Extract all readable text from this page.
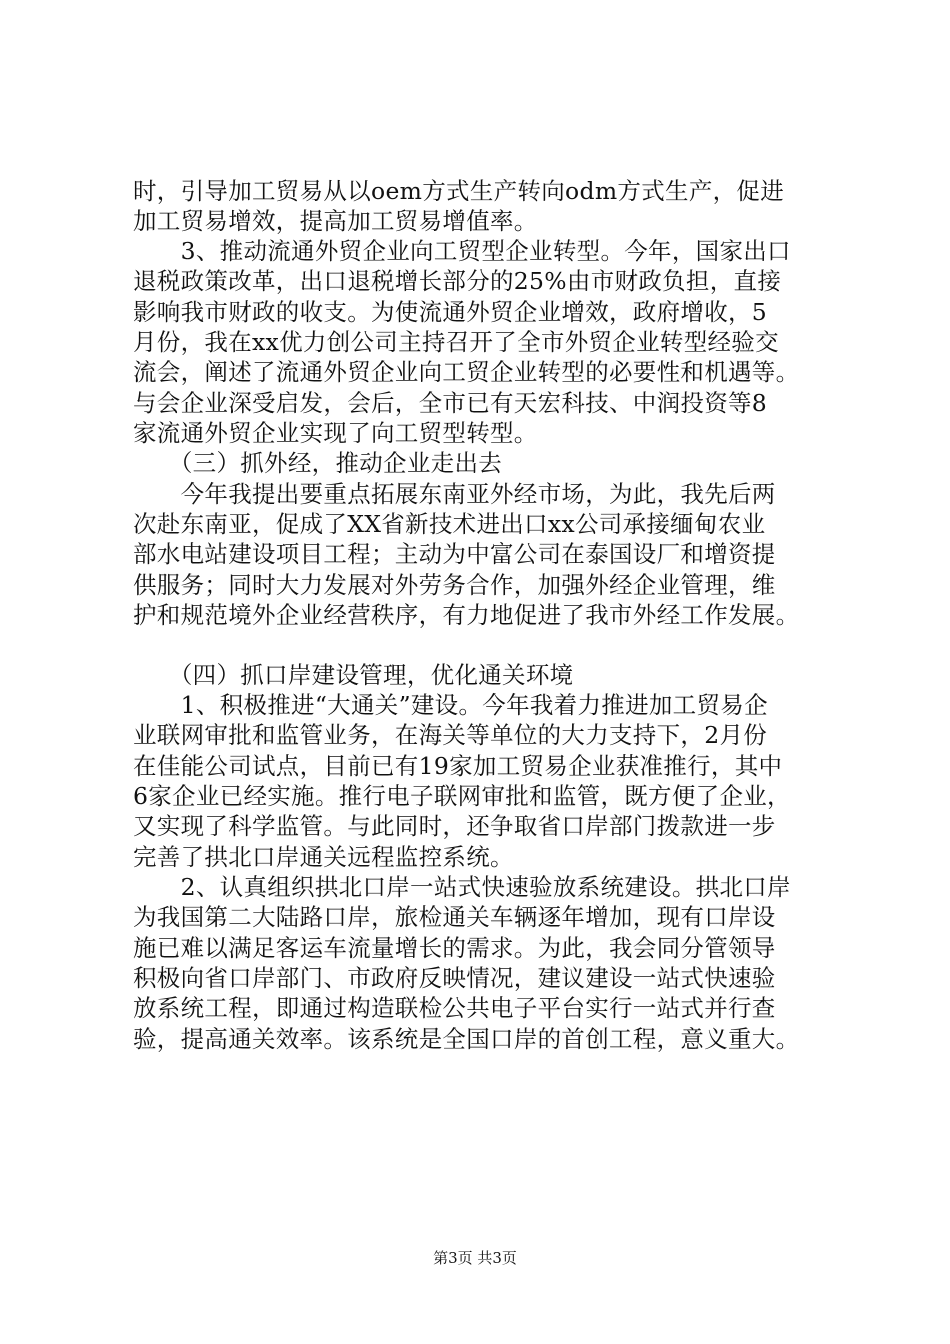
时，引导加工贸易从以oem方式生产转向odm方式生产，促进
加工贸易增效，提高加工贸易增值率。
　　3、推动流通外贸企业向工贸型企业转型。今年，国家出口
退税政策改革，出口退税增长部分的25%由市财政负担，直接
影响我市财政的收支。为使流通外贸企业增效，政府增收，5
月份，我在xx优力创公司主持召开了全市外贸企业转型经验交
流会，阐述了流通外贸企业向工贸企业转型的必要性和机遇等。
与会企业深受启发，会后，全市已有天宏科技、中润投资等8
家流通外贸企业实现了向工贸型转型。
　　（三）抓外经，推动企业走出去
　　今年我提出要重点拓展东南亚外经市场，为此，我先后两
次赴东南亚，促成了XX省新技术进出口xx公司承接缅甸农业
部水电站建设项目工程；主动为中富公司在泰国设厂和增资提
供服务；同时大力发展对外劳务合作，加强外经企业管理，维
护和规范境外企业经营秩序，有力地促进了我市外经工作发展。
　　（四）抓口岸建设管理，优化通关环境
　　1、积极推进“大通关”建设。今年我着力推进加工贸易企
业联网审批和监管业务，在海关等单位的大力支持下，2月份
在佳能公司试点，目前已有19家加工贸易企业获准推行，其中
6家企业已经实施。推行电子联网审批和监管，既方便了企业，
又实现了科学监管。与此同时，还争取省口岸部门拨款进一步
完善了拱北口岸通关远程监控系统。
　　2、认真组织拱北口岸一站式快速验放系统建设。拱北口岸
为我国第二大陆路口岸，旅检通关车辆逐年增加，现有口岸设
施已难以满足客运车流量增长的需求。为此，我会同分管领导
积极向省口岸部门、市政府反映情况，建议建设一站式快速验
放系统工程，即通过构造联检公共电子平台实行一站式并行查
验，提高通关效率。该系统是全国口岸的首创工程，意义重大。
第3页 共3页
